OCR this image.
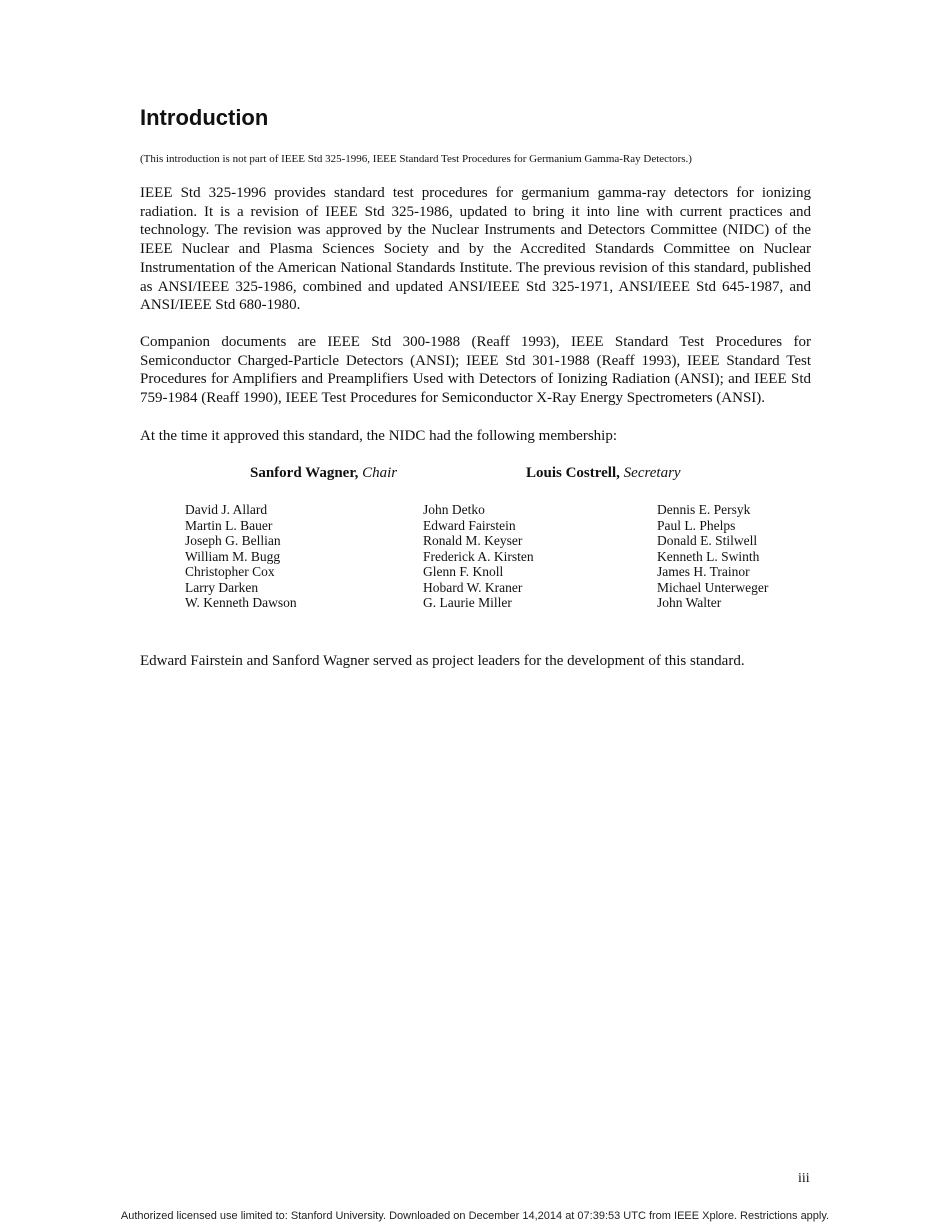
Introduction
(This introduction is not part of IEEE Std 325-1996, IEEE Standard Test Procedures for Germanium Gamma-Ray Detectors.)

IEEE Std 325-1996 provides standard test procedures for germanium gamma-ray detectors for ionizing radiation. It is a revision of IEEE Std 325-1986, updated to bring it into line with current practices and technology. The revision was approved by the Nuclear Instruments and Detectors Committee (NIDC) of the IEEE Nuclear and Plasma Sciences Society and by the Accredited Standards Committee on Nuclear Instrumentation of the American National Standards Institute. The previous revision of this standard, published as ANSI/IEEE 325-1986, combined and updated ANSI/IEEE Std 325-1971, ANSI/IEEE Std 645-1987, and ANSI/IEEE Std 680-1980.

Companion documents are IEEE Std 300-1988 (Reaff 1993), IEEE Standard Test Procedures for Semiconductor Charged-Particle Detectors (ANSI); IEEE Std 301-1988 (Reaff 1993), IEEE Standard Test Procedures for Amplifiers and Preamplifiers Used with Detectors of Ionizing Radiation (ANSI); and IEEE Std 759-1984 (Reaff 1990), IEEE Test Procedures for Semiconductor X-Ray Energy Spectrometers (ANSI).

At the time it approved this standard, the NIDC had the following membership:

Sanford Wagner, Chair	Louis Costrell, Secretary
David J. Allard
Martin L. Bauer
Joseph G. Bellian
William M. Bugg
Christopher Cox
Larry Darken
W. Kenneth Dawson
John Detko
Edward Fairstein
Ronald M. Keyser
Frederick A. Kirsten
Glenn F. Knoll
Hobard W. Kraner
G. Laurie Miller
Dennis E. Persyk
Paul L. Phelps
Donald E. Stilwell
Kenneth L. Swinth
James H. Trainor
Michael Unterweger
John Walter

Edward Fairstein and Sanford Wagner served as project leaders for the development of this standard.

iii
Authorized licensed use limited to: Stanford University. Downloaded on December 14,2014 at 07:39:53 UTC from IEEE Xplore. Restrictions apply.
